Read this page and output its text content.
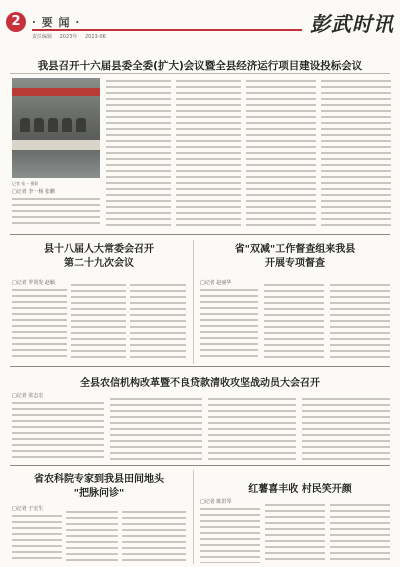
2	· 要 闻 ·
责任编辑 2023年 2023-06
彭武时讯
我县召开十六届县委全委(扩大)会议暨全县经济运行项目建设投标会议
记者 张一 摄影
□记者 李一杨 张鹏
县十八届人大常委会召开
第二十九次会议
□记者 罗贤发 赵颖
省"双减"工作督查组来我县
开展专项督查
□记者 赵丽华
全县农信机构改革暨不良贷款清收攻坚战动员大会召开
□记者 张志宏
省农科院专家到我县田间地头
"把脉问诊"
□记者 于宏生
红薯喜丰收 村民笑开颜
□记者 陈洪琴
